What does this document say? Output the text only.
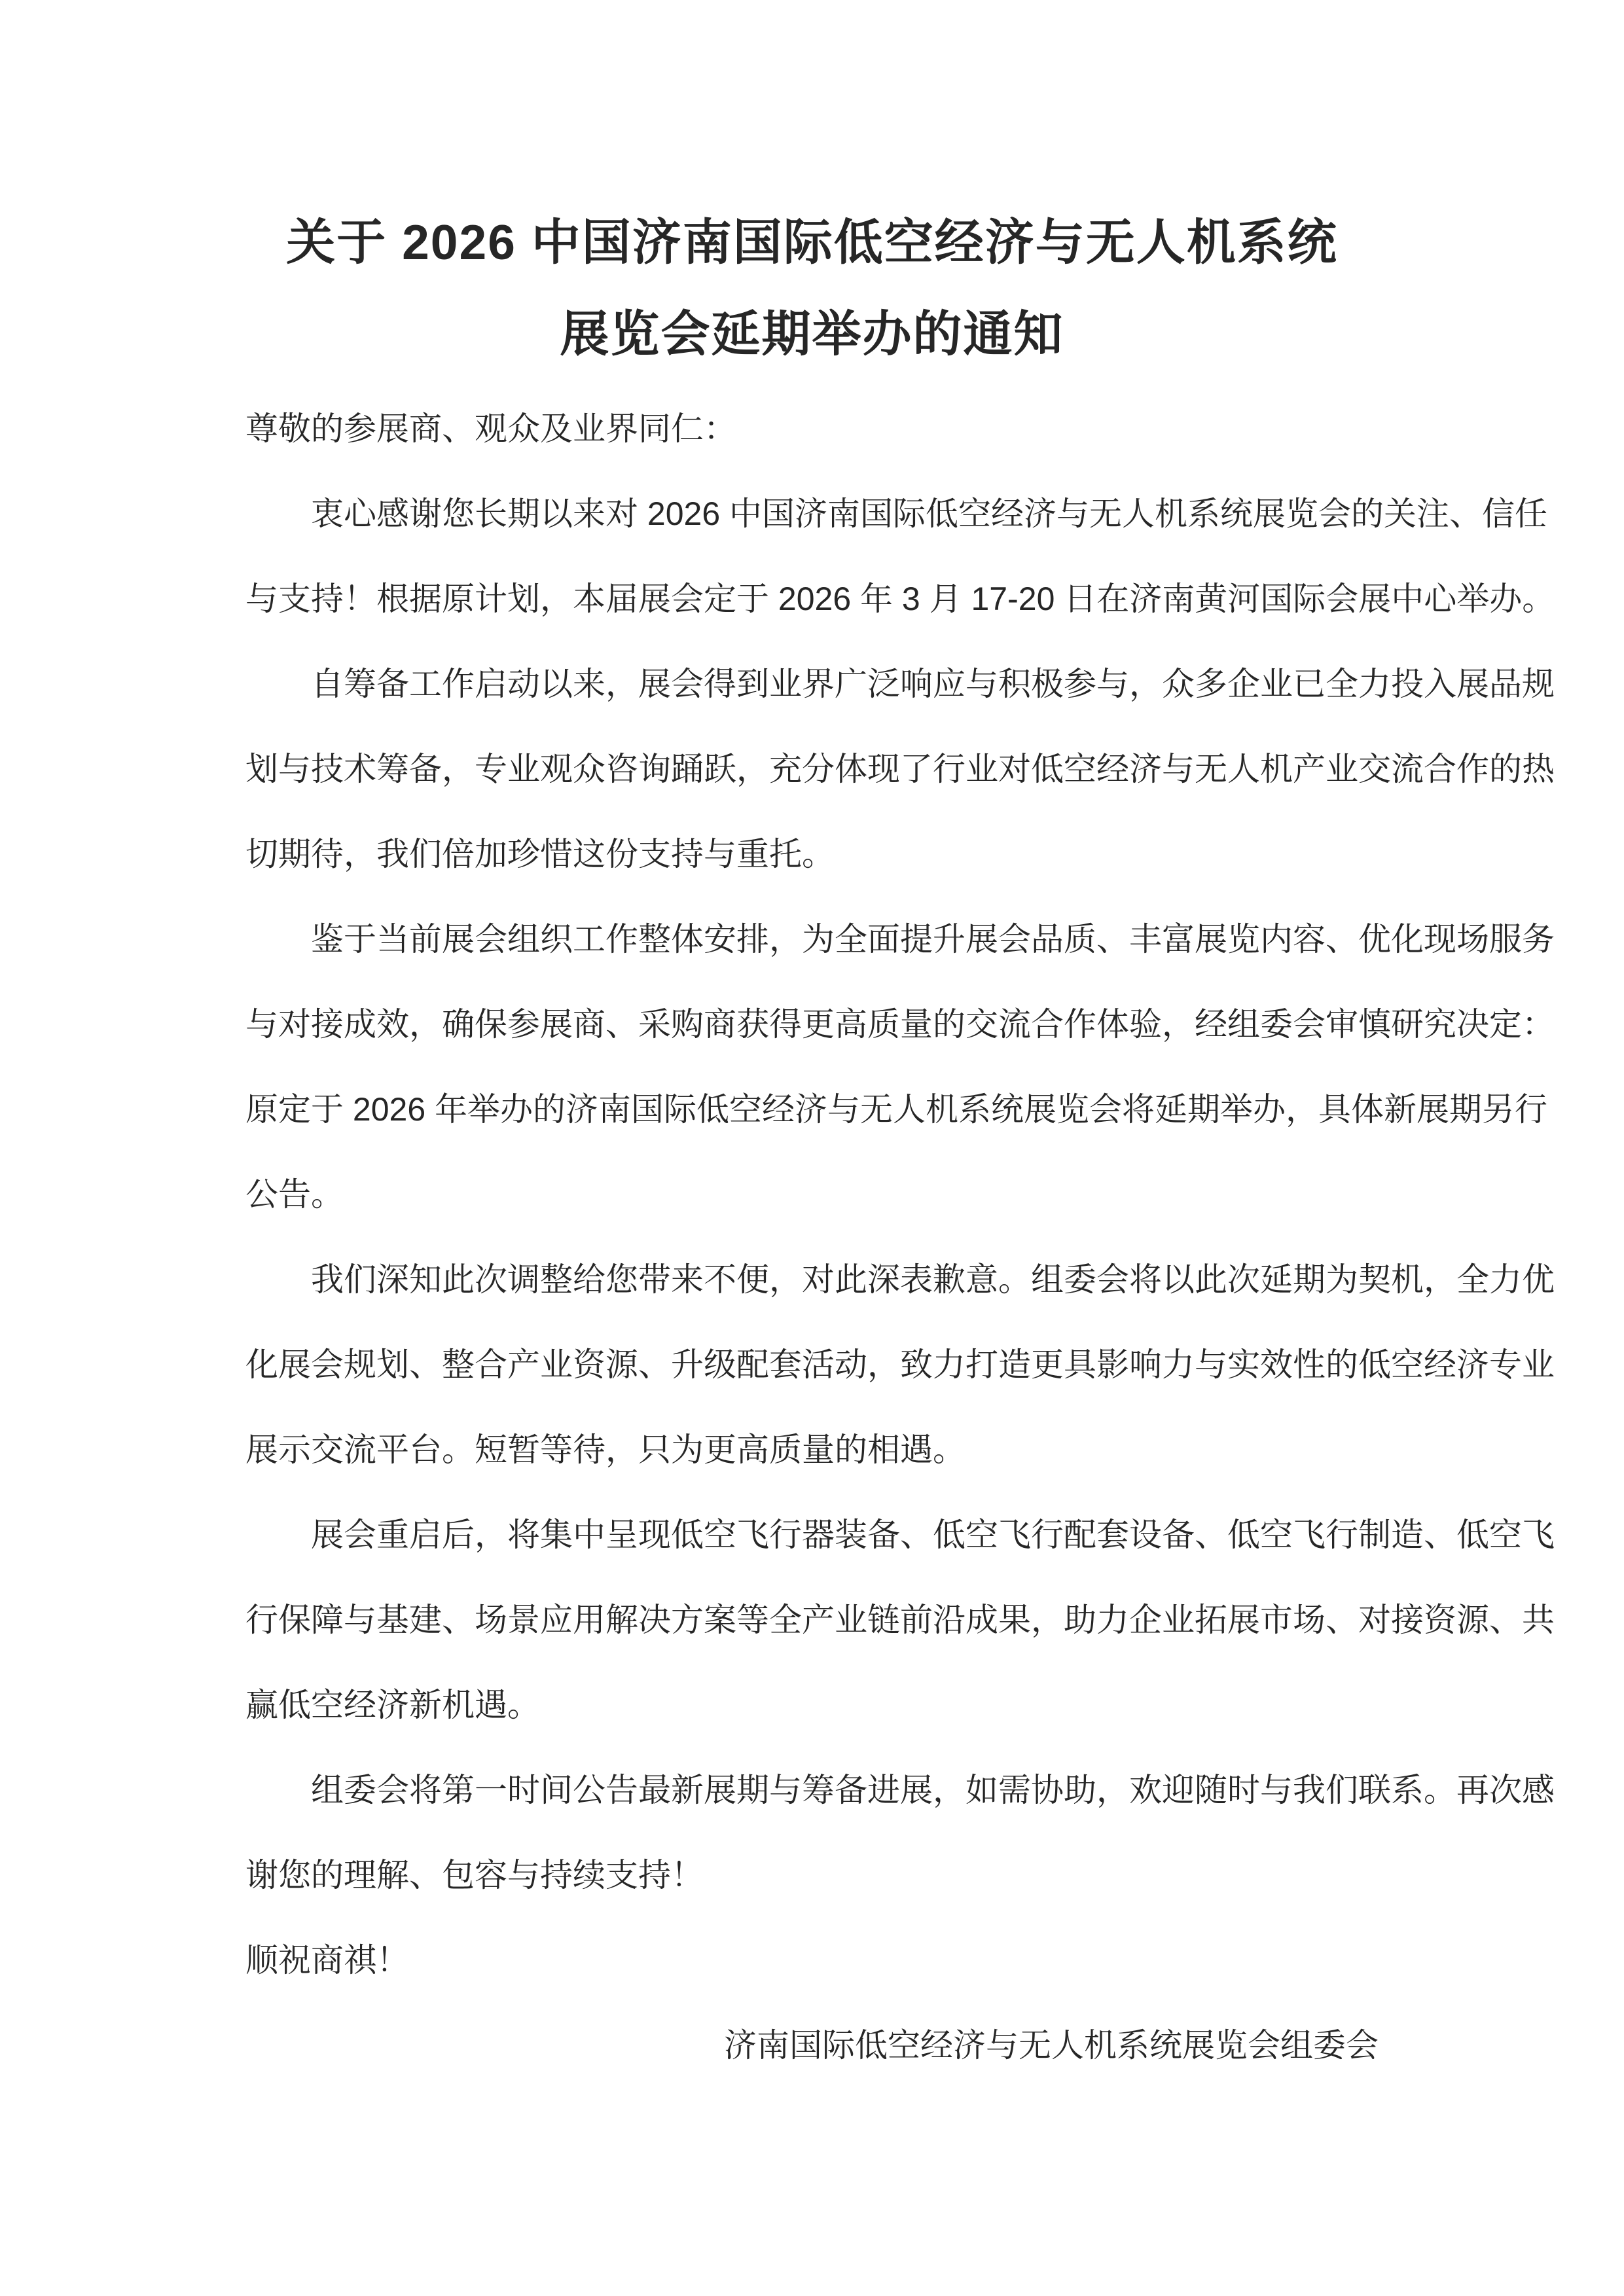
关于 2026 中国济南国际低空经济与无人机系统
展览会延期举办的通知
尊敬的参展商、观众及业界同仁：
衷心感谢您长期以来对 2026 中国济南国际低空经济与无人机系统展览会的关注、信任
与支持！根据原计划，本届展会定于 2026 年 3 月 17-20 日在济南黄河国际会展中心举办。
自筹备工作启动以来，展会得到业界广泛响应与积极参与，众多企业已全力投入展品规
划与技术筹备，专业观众咨询踊跃，充分体现了行业对低空经济与无人机产业交流合作的热
切期待，我们倍加珍惜这份支持与重托。
鉴于当前展会组织工作整体安排，为全面提升展会品质、丰富展览内容、优化现场服务
与对接成效，确保参展商、采购商获得更高质量的交流合作体验，经组委会审慎研究决定：
原定于 2026 年举办的济南国际低空经济与无人机系统展览会将延期举办，具体新展期另行
公告。
我们深知此次调整给您带来不便，对此深表歉意。组委会将以此次延期为契机，全力优
化展会规划、整合产业资源、升级配套活动，致力打造更具影响力与实效性的低空经济专业
展示交流平台。短暂等待，只为更高质量的相遇。
展会重启后，将集中呈现低空飞行器装备、低空飞行配套设备、低空飞行制造、低空飞
行保障与基建、场景应用解决方案等全产业链前沿成果，助力企业拓展市场、对接资源、共
赢低空经济新机遇。
组委会将第一时间公告最新展期与筹备进展，如需协助，欢迎随时与我们联系。再次感
谢您的理解、包容与持续支持！
顺祝商祺！
济南国际低空经济与无人机系统展览会组委会
